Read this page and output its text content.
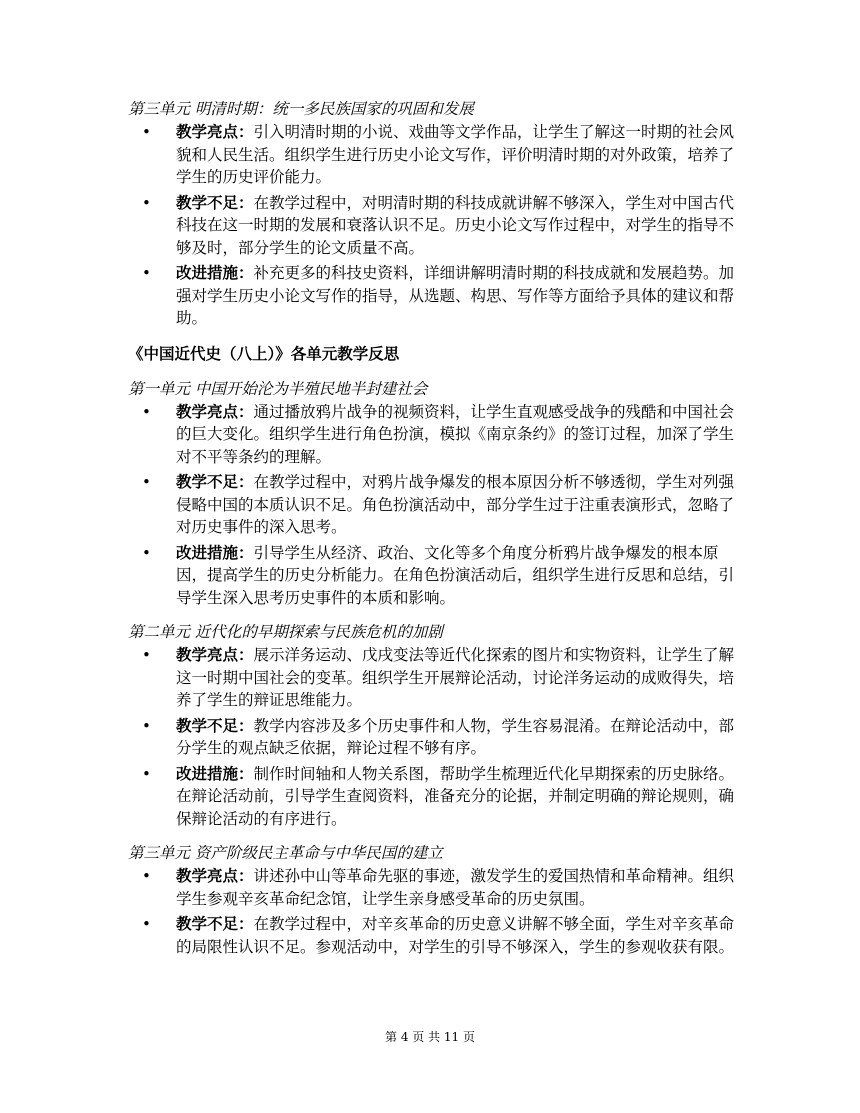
第三单元 明清时期：统一多民族国家的巩固和发展
• 教学亮点：引入明清时期的小说、戏曲等文学作品，让学生了解这一时期的社会风貌和人民生活。组织学生进行历史小论文写作，评价明清时期的对外政策，培养了学生的历史评价能力。
• 教学不足：在教学过程中，对明清时期的科技成就讲解不够深入，学生对中国古代科技在这一时期的发展和衰落认识不足。历史小论文写作过程中，对学生的指导不够及时，部分学生的论文质量不高。
• 改进措施：补充更多的科技史资料，详细讲解明清时期的科技成就和发展趋势。加强对学生历史小论文写作的指导，从选题、构思、写作等方面给予具体的建议和帮助。
《中国近代史（八上）》各单元教学反思
第一单元 中国开始沦为半殖民地半封建社会
• 教学亮点：通过播放鸦片战争的视频资料，让学生直观感受战争的残酷和中国社会的巨大变化。组织学生进行角色扮演，模拟《南京条约》的签订过程，加深了学生对不平等条约的理解。
• 教学不足：在教学过程中，对鸦片战争爆发的根本原因分析不够透彻，学生对列强侵略中国的本质认识不足。角色扮演活动中，部分学生过于注重表演形式，忽略了对历史事件的深入思考。
• 改进措施：引导学生从经济、政治、文化等多个角度分析鸦片战争爆发的根本原因，提高学生的历史分析能力。在角色扮演活动后，组织学生进行反思和总结，引导学生深入思考历史事件的本质和影响。
第二单元 近代化的早期探索与民族危机的加剧
• 教学亮点：展示洋务运动、戊戌变法等近代化探索的图片和实物资料，让学生了解这一时期中国社会的变革。组织学生开展辩论活动，讨论洋务运动的成败得失，培养了学生的辩证思维能力。
• 教学不足：教学内容涉及多个历史事件和人物，学生容易混淆。在辩论活动中，部分学生的观点缺乏依据，辩论过程不够有序。
• 改进措施：制作时间轴和人物关系图，帮助学生梳理近代化早期探索的历史脉络。在辩论活动前，引导学生查阅资料，准备充分的论据，并制定明确的辩论规则，确保辩论活动的有序进行。
第三单元 资产阶级民主革命与中华民国的建立
• 教学亮点：讲述孙中山等革命先驱的事迹，激发学生的爱国热情和革命精神。组织学生参观辛亥革命纪念馆，让学生亲身感受革命的历史氛围。
• 教学不足：在教学过程中，对辛亥革命的历史意义讲解不够全面，学生对辛亥革命的局限性认识不足。参观活动中，对学生的引导不够深入，学生的参观收获有限。
第 4 页 共 11 页
